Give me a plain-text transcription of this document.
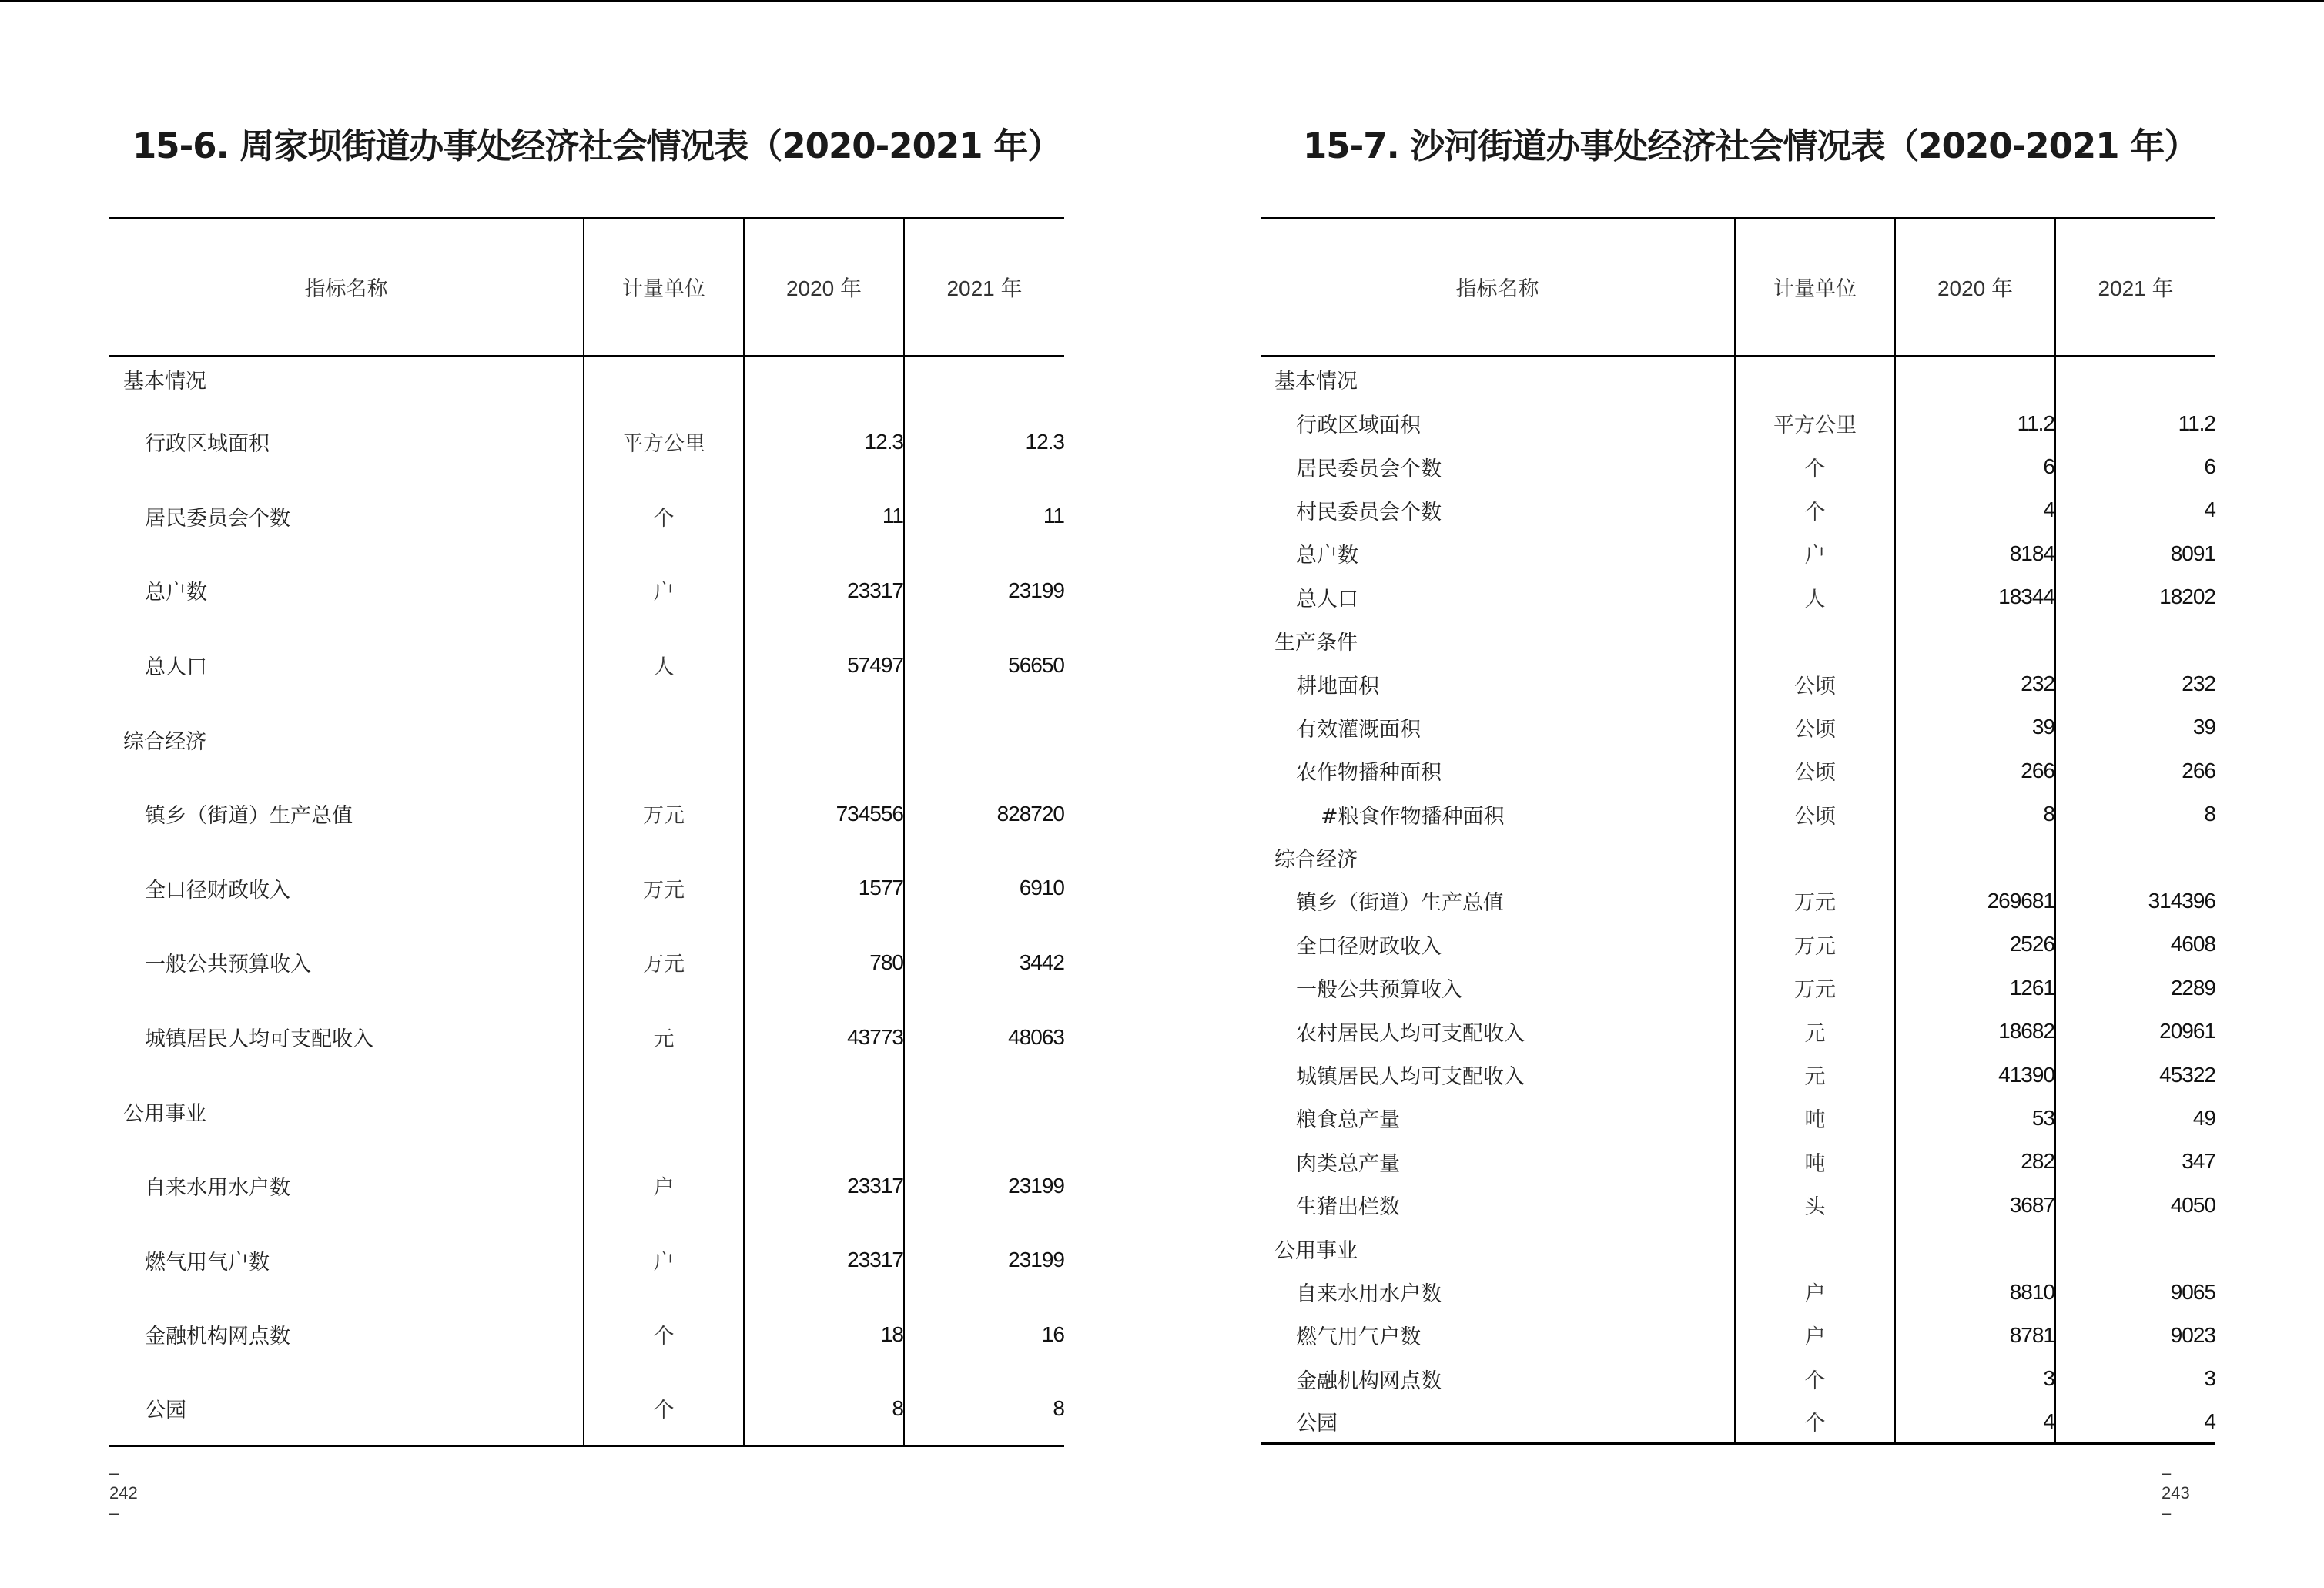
15-6. 周家坝街道办事处经济社会情况表（2020-2021 年）
指标名称	计量单位	2020 年	2021 年
基本情况			
行政区域面积	平方公里	12.3	12.3
居民委员会个数	个	11	11
总户数	户	23317	23199
总人口	人	57497	56650
综合经济			
镇乡（街道）生产总值	万元	734556	828720
全口径财政收入	万元	1577	6910
一般公共预算收入	万元	780	3442
城镇居民人均可支配收入	元	43773	48063
公用事业			
自来水用水户数	户	23317	23199
燃气用气户数	户	23317	23199
金融机构网点数	个	18	16
公园	个	8	8
– 242 –
15-7. 沙河街道办事处经济社会情况表（2020-2021 年）
指标名称	计量单位	2020 年	2021 年
基本情况			
行政区域面积	平方公里	11.2	11.2
居民委员会个数	个	6	6
村民委员会个数	个	4	4
总户数	户	8184	8091
总人口	人	18344	18202
生产条件			
耕地面积	公顷	232	232
有效灌溉面积	公顷	39	39
农作物播种面积	公顷	266	266
#粮食作物播种面积	公顷	8	8
综合经济			
镇乡（街道）生产总值	万元	269681	314396
全口径财政收入	万元	2526	4608
一般公共预算收入	万元	1261	2289
农村居民人均可支配收入	元	18682	20961
城镇居民人均可支配收入	元	41390	45322
粮食总产量	吨	53	49
肉类总产量	吨	282	347
生猪出栏数	头	3687	4050
公用事业			
自来水用水户数	户	8810	9065
燃气用气户数	户	8781	9023
金融机构网点数	个	3	3
公园	个	4	4
– 243 –
